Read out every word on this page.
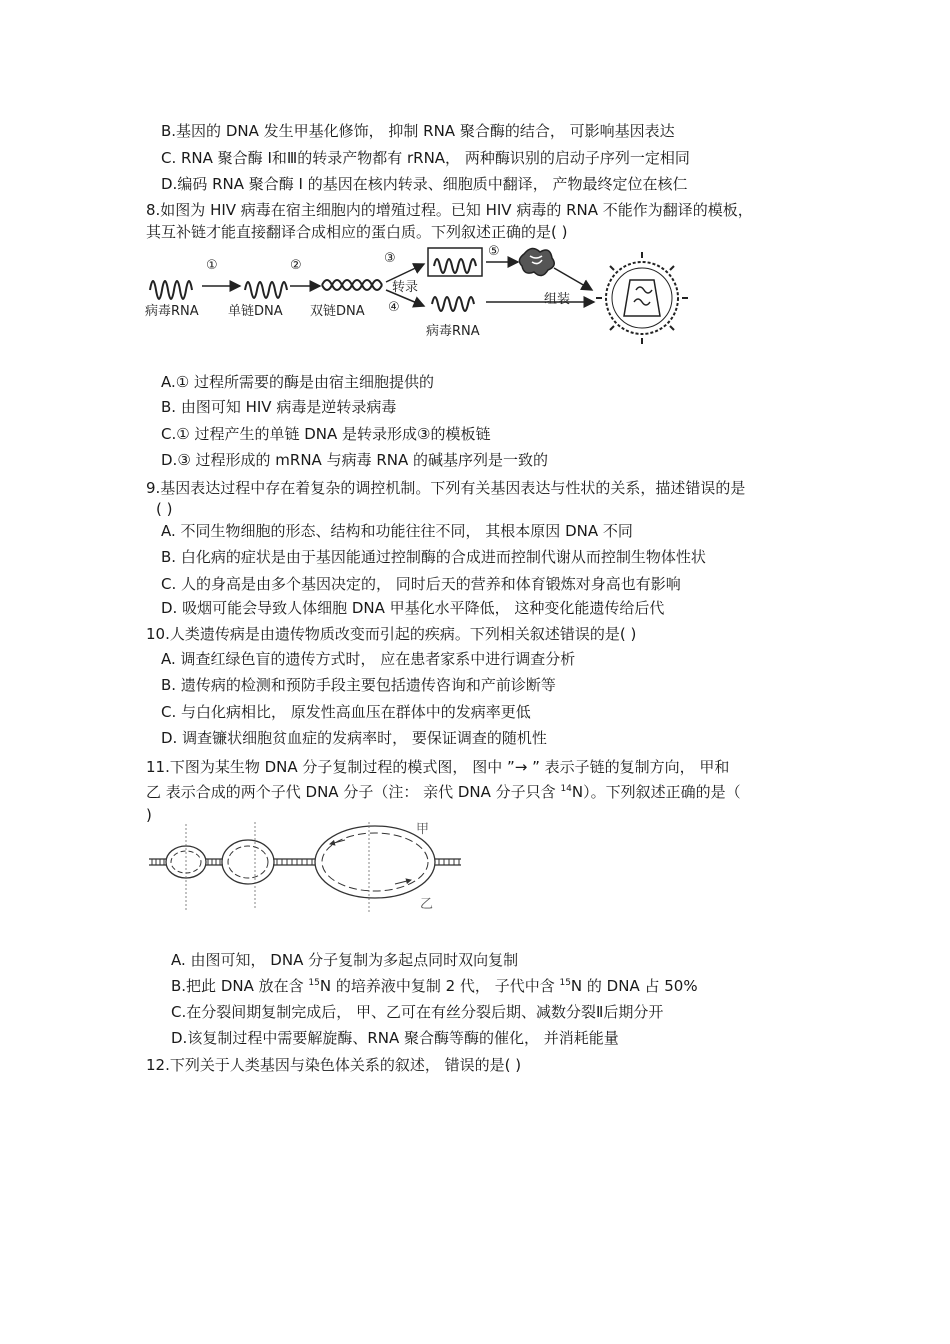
B.基因的 DNA 发生甲基化修饰， 抑制 RNA 聚合酶的结合， 可影响基因表达
C. RNA 聚合酶 Ⅰ和Ⅲ的转录产物都有 rRNA， 两种酶识别的启动子序列一定相同
D.编码 RNA 聚合酶 Ⅰ 的基因在核内转录、细胞质中翻译， 产物最终定位在核仁
8.如图为 HIV 病毒在宿主细胞内的增殖过程。已知 HIV 病毒的 RNA 不能作为翻译的模板，
其互补链才能直接翻译合成相应的蛋白质。下列叙述正确的是( )
①	②	③	⑤
④
转录
组装
病毒RNA 单链DNA 双链DNA
病毒RNA
A.① 过程所需要的酶是由宿主细胞提供的
B. 由图可知 HIV 病毒是逆转录病毒
C.① 过程产生的单链 DNA 是转录形成③的模板链
D.③ 过程形成的 mRNA 与病毒 RNA 的碱基序列是一致的
9.基因表达过程中存在着复杂的调控机制。下列有关基因表达与性状的关系，描述错误的是
( )
A. 不同生物细胞的形态、结构和功能往往不同， 其根本原因 DNA 不同
B. 白化病的症状是由于基因能通过控制酶的合成进而控制代谢从而控制生物体性状
C. 人的身高是由多个基因决定的， 同时后天的营养和体育锻炼对身高也有影响
D. 吸烟可能会导致人体细胞 DNA 甲基化水平降低， 这种变化能遗传给后代
10.人类遗传病是由遗传物质改变而引起的疾病。下列相关叙述错误的是( )
A. 调查红绿色盲的遗传方式时， 应在患者家系中进行调查分析
B. 遗传病的检测和预防手段主要包括遗传咨询和产前诊断等
C. 与白化病相比， 原发性高血压在群体中的发病率更低
D. 调查镰状细胞贫血症的发病率时， 要保证调查的随机性
11.下图为某生物 DNA 分子复制过程的模式图， 图中 ”→ ” 表示子链的复制方向， 甲和
乙 表示合成的两个子代 DNA 分子（注： 亲代 DNA 分子只含 $^{14}$N）。下列叙述正确的是（
)
甲
乙
A. 由图可知， DNA 分子复制为多起点同时双向复制
B.把此 DNA 放在含 $^{15}$N 的培养液中复制 2 代， 子代中含 $^{15}$N 的 DNA 占 50%
C.在分裂间期复制完成后， 甲、乙可在有丝分裂后期、减数分裂Ⅱ后期分开
D.该复制过程中需要解旋酶、RNA 聚合酶等酶的催化， 并消耗能量
12.下列关于人类基因与染色体关系的叙述， 错误的是( )
